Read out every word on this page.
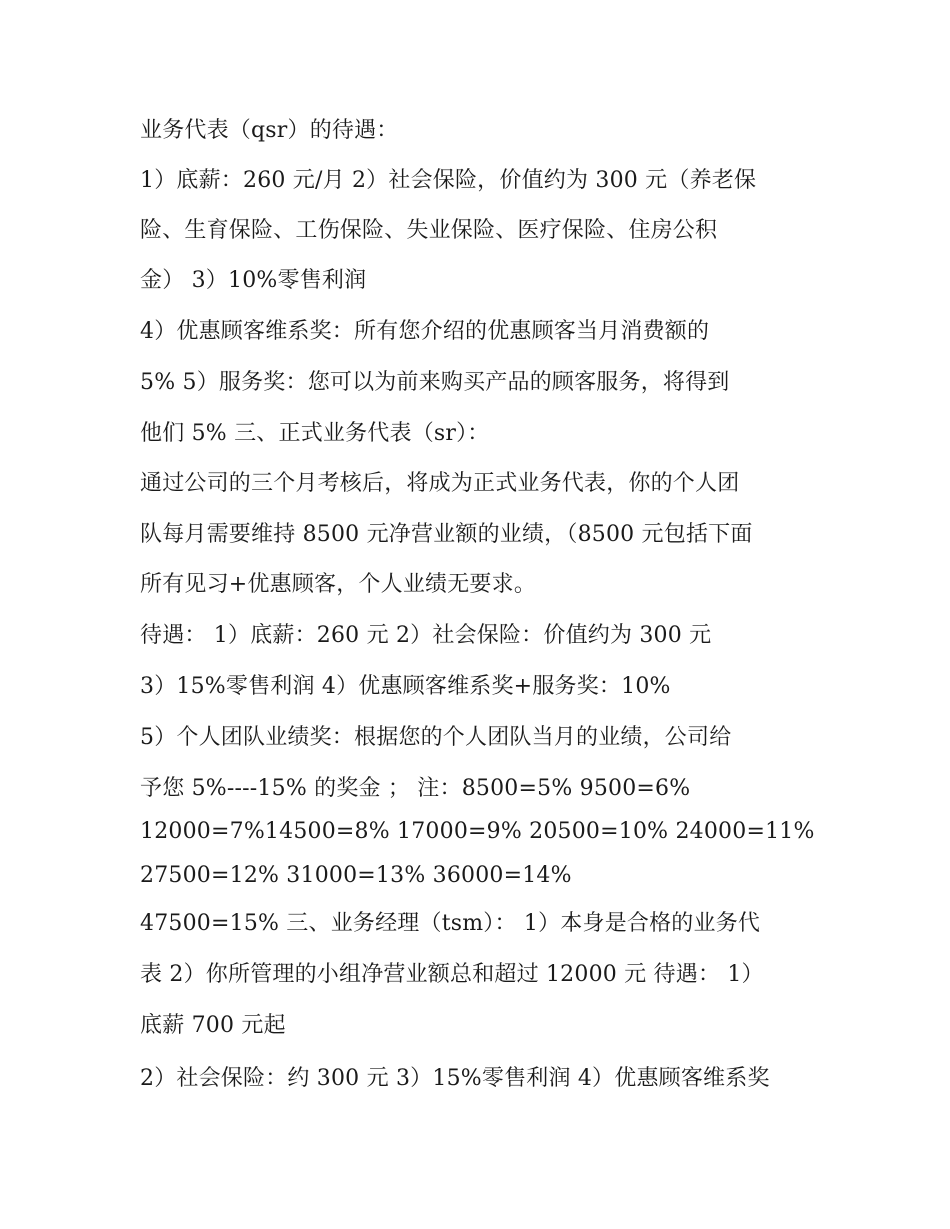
业务代表（qsr）的待遇：
1）底薪：260 元/月 2）社会保险，价值约为 300 元（养老保
险、生育保险、工伤保险、失业保险、医疗保险、住房公积
金） 3）10%零售利润
4）优惠顾客维系奖：所有您介绍的优惠顾客当月消费额的
5% 5）服务奖：您可以为前来购买产品的顾客服务，将得到
他们 5% 三、正式业务代表（sr）：
通过公司的三个月考核后，将成为正式业务代表，你的个人团
队每月需要维持 8500 元净营业额的业绩，（8500 元包括下面
所有见习+优惠顾客，个人业绩无要求。
待遇： 1）底薪：260 元 2）社会保险：价值约为 300 元
3）15%零售利润 4）优惠顾客维系奖+服务奖：10%
5）个人团队业绩奖：根据您的个人团队当月的业绩，公司给
予您 5%----15% 的奖金 ； 注：8500=5% 9500=6%
12000=7%14500=8% 17000=9% 20500=10% 24000=11%
27500=12% 31000=13% 36000=14%
47500=15% 三、业务经理（tsm）： 1）本身是合格的业务代
表 2）你所管理的小组净营业额总和超过 12000 元 待遇： 1）
底薪 700 元起
2）社会保险：约 300 元 3）15%零售利润 4）优惠顾客维系奖
